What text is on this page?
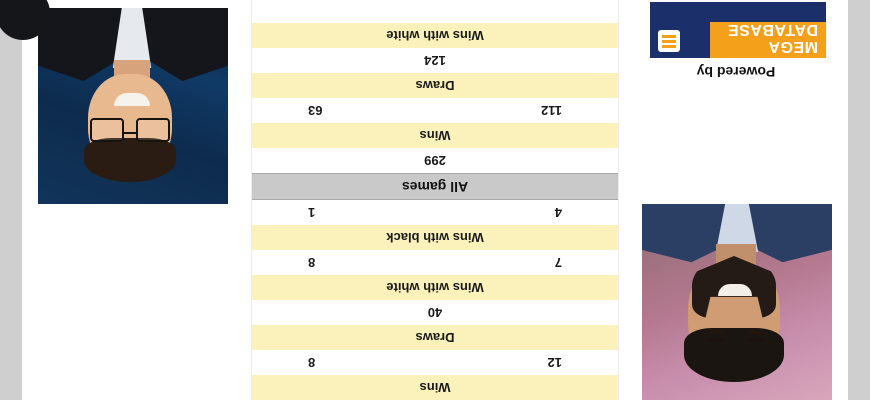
Wins
12
8
Draws
40
Wins with white
7
8
Wins with black
4
1
All games
299
Wins
112
63
Draws
124
Wins with white
Powered by
MEGA
DATABASE
